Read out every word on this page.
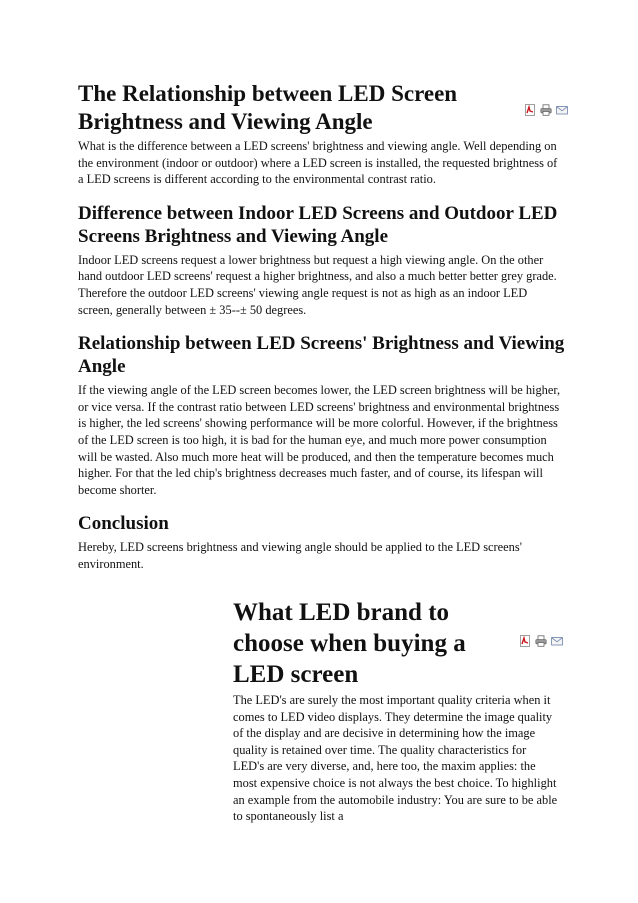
The Relationship between LED Screen Brightness and Viewing Angle

What is the difference between a LED screens' brightness and viewing angle. Well depending on the environment (indoor or outdoor) where a LED screen is installed, the requested brightness of a LED screens is different according to the environmental contrast ratio.

Difference between Indoor LED Screens and Outdoor LED Screens Brightness and Viewing Angle

Indoor LED screens request a lower brightness but request a high viewing angle. On the other hand outdoor LED screens' request a higher brightness, and also a much better better grey grade. Therefore the outdoor LED screens' viewing angle request is not as high as an indoor LED screen, generally between ± 35--± 50 degrees.

Relationship between LED Screens' Brightness and Viewing Angle

If the viewing angle of the LED screen becomes lower, the LED screen brightness will be higher, or vice versa. If the contrast ratio between LED screens' brightness and environmental brightness is higher, the led screens' showing performance will be more colorful. However, if the brightness of the LED screen is too high, it is bad for the human eye, and much more power consumption will be wasted. Also much more heat will be produced, and then the temperature becomes much higher. For that the led chip's brightness decreases much faster, and of course, its lifespan will become shorter.

Conclusion

Hereby, LED screens brightness and viewing angle should be applied to the LED screens' environment.

What LED brand to choose when buying a LED screen

The LED's are surely the most important quality criteria when it comes to LED video displays. They determine the image quality of the display and are decisive in determining how the image quality is retained over time. The quality characteristics for LED's are very diverse, and, here too, the maxim applies: the most expensive choice is not always the best choice. To highlight an example from the automobile industry: You are sure to be able to spontaneously list a
